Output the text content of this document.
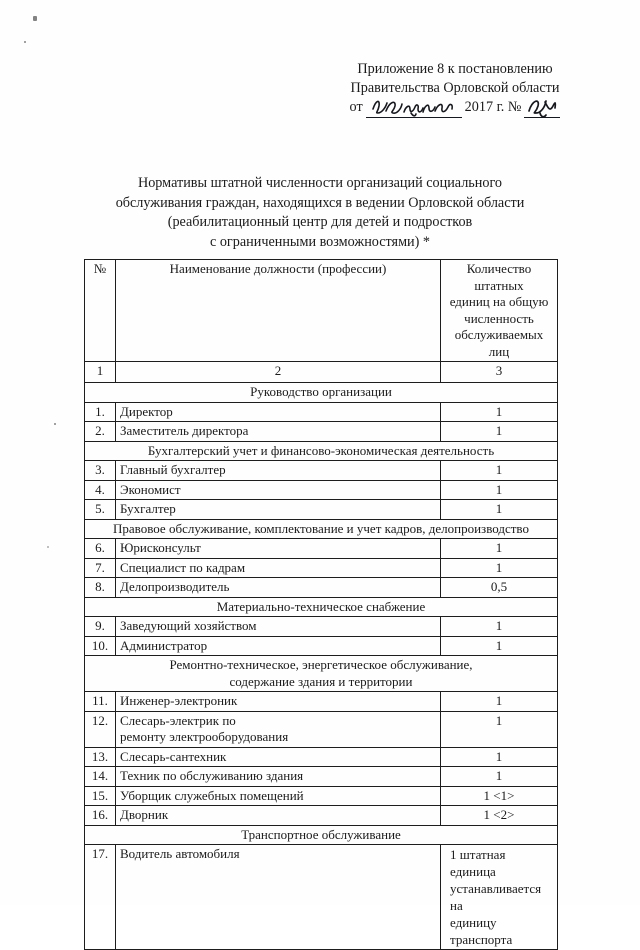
Приложение 8 к постановлению
Правительства Орловской области
от	2017 г. №
Нормативы штатной численности организаций социального
обслуживания граждан, находящихся в ведении Орловской области
(реабилитационный центр для детей и подростков
с ограниченными возможностями) *
№	Наименование должности (профессии)	Количество штатных
единиц на общую
численность
обслуживаемых лиц
1	2	3

Руководство организации		

1.	Директор	1
2.	Заместитель директора	1

Бухгалтерский учет и финансово-экономическая деятельность		

3.	Главный бухгалтер	1
4.	Экономист	1
5.	Бухгалтер	1

Правовое обслуживание, комплектование и учет кадров, делопроизводство		

6.	Юрисконсульт	1
7.	Специалист по кадрам	1
8.	Делопроизводитель	0,5

Материально-техническое снабжение		

9.	Заведующий хозяйством	1
10.	Администратор	1

Ремонтно-техническое, энергетическое обслуживание,
содержание здания и территории		

11.	Инженер-электроник	1
12.	Слесарь-электрик по
ремонту электрооборудования	1
13.	Слесарь-сантехник	1
14.	Техник по обслуживанию здания	1
15.	Уборщик служебных помещений	1 <1>
16.	Дворник	1 <2>

Транспортное обслуживание		

17.	Водитель автомобиля	1 штатная единица
устанавливается на
единицу транспорта
